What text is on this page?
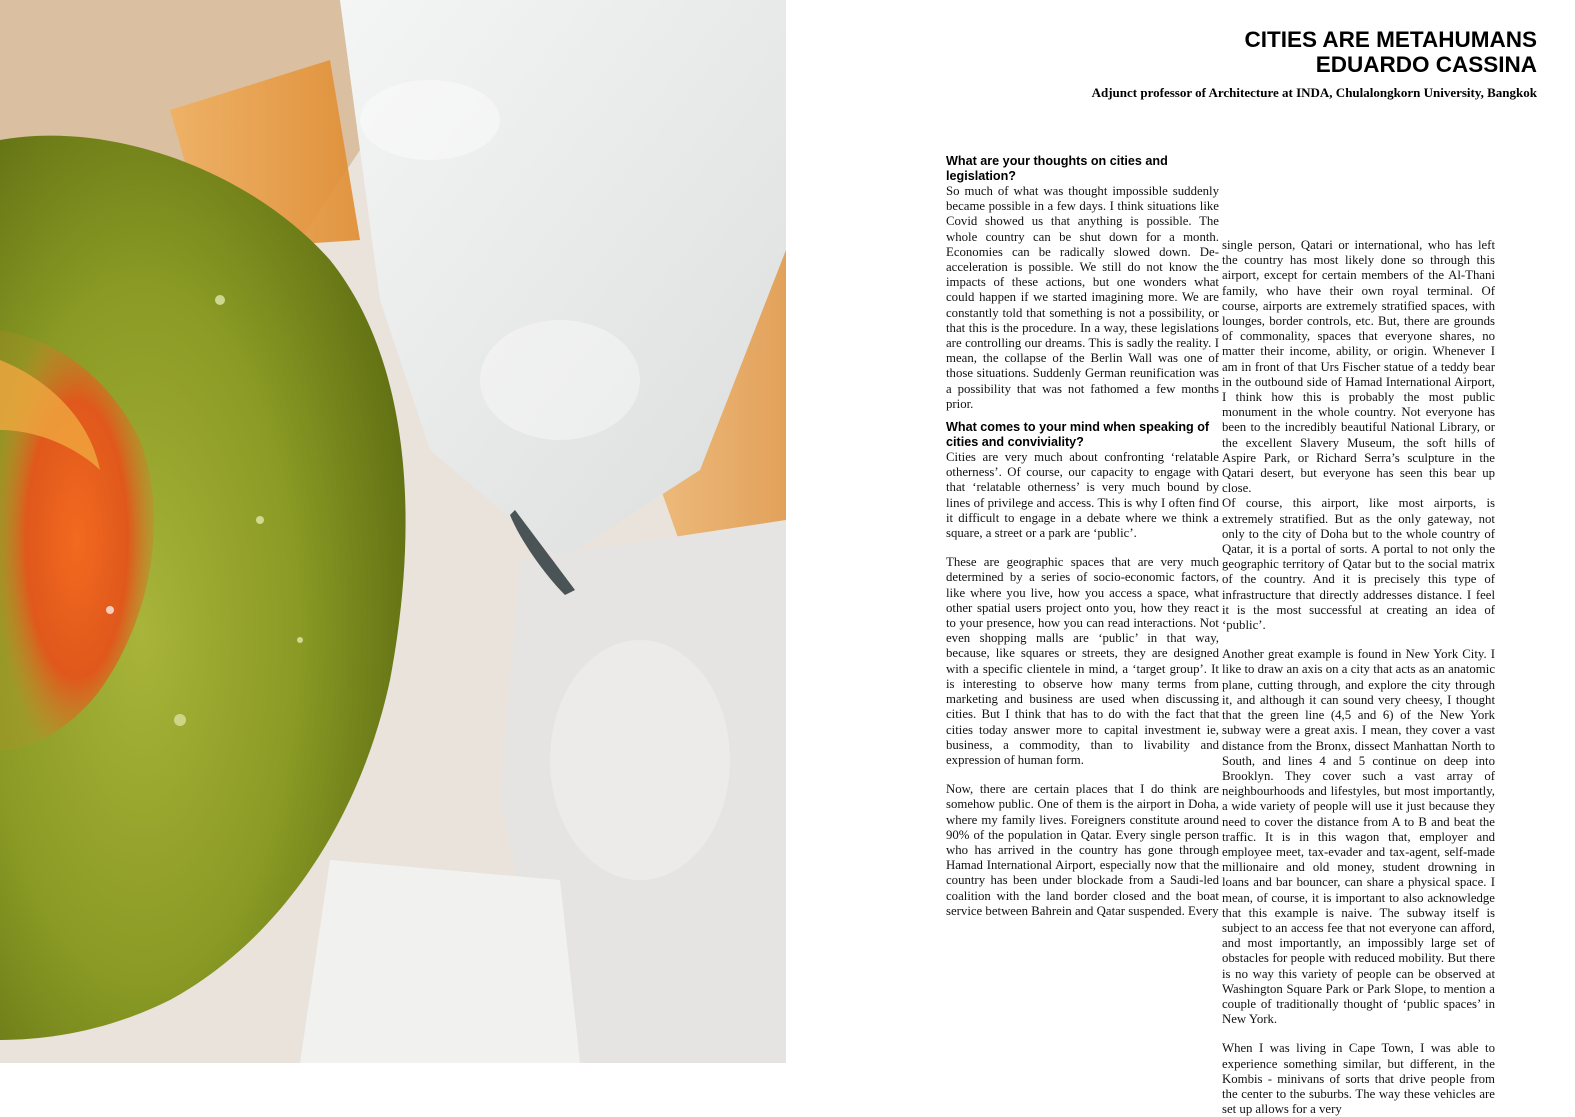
CITIES ARE METAHUMANS
EDUARDO CASSINA
Adjunct professor of Architecture at INDA, Chulalongkorn University, Bangkok
What are your thoughts on cities and legislation?

So much of what was thought impossible suddenly became possible in a few days. I think situations like Covid showed us that anything is possible. The whole country can be shut down for a month. Economies can be radically slowed down. De-acceleration is possible. We still do not know the impacts of these actions, but one wonders what could happen if we started imagining more. We are constantly told that something is not a possibility, or that this is the procedure. In a way, these legislations are controlling our dreams. This is sadly the reality. I mean, the collapse of the Berlin Wall was one of those situations. Suddenly German reunification was a possibility that was not fathomed a few months prior.

What comes to your mind when speaking of cities and conviviality?

Cities are very much about confronting ‘relatable otherness’. Of course, our capacity to engage with that ‘relatable otherness’ is very much bound by lines of privilege and access. This is why I often find it difficult to engage in a debate where we think a square, a street or a park are ‘public’.

These are geographic spaces that are very much determined by a series of socio-economic factors, like where you live, how you access a space, what other spatial users project onto you, how they react to your presence, how you can read interactions. Not even shopping malls are ‘public’ in that way, because, like squares or streets, they are designed with a specific clientele in mind, a ‘target group’. It is interesting to observe how many terms from marketing and business are used when discussing cities. But I think that has to do with the fact that cities today answer more to capital investment ie, business, a commodity, than to livability and expression of human form.

Now, there are certain places that I do think are somehow public. One of them is the airport in Doha, where my family lives. Foreigners constitute around 90% of the population in Qatar. Every single person who has arrived in the country has gone through Hamad International Airport, especially now that the country has been under blockade from a Saudi-led coalition with the land border closed and the boat service between Bahrein and Qatar suspended. Every

single person, Qatari or international, who has left the country has most likely done so through this airport, except for certain members of the Al-Thani family, who have their own royal terminal. Of course, airports are extremely stratified spaces, with lounges, border controls, etc. But, there are grounds of commonality, spaces that everyone shares, no matter their income, ability, or origin. Whenever I am in front of that Urs Fischer statue of a teddy bear in the outbound side of Hamad International Airport, I think how this is probably the most public monument in the whole country. Not everyone has been to the incredibly beautiful National Library, or the excellent Slavery Museum, the soft hills of Aspire Park, or Richard Serra’s sculpture in the Qatari desert, but everyone has seen this bear up close.

Of course, this airport, like most airports, is extremely stratified. But as the only gateway, not only to the city of Doha but to the whole country of Qatar, it is a portal of sorts. A portal to not only the geographic territory of Qatar but to the social matrix of the country. And it is precisely this type of infrastructure that directly addresses distance. I feel it is the most successful at creating an idea of ‘public’.

Another great example is found in New York City. I like to draw an axis on a city that acts as an anatomic plane, cutting through, and explore the city through it, and although it can sound very cheesy, I thought that the green line (4,5 and 6) of the New York subway were a great axis. I mean, they cover a vast distance from the Bronx, dissect Manhattan North to South, and lines 4 and 5 continue on deep into Brooklyn. They cover such a vast array of neighbourhoods and lifestyles, but most importantly, a wide variety of people will use it just because they need to cover the distance from A to B and beat the traffic. It is in this wagon that, employer and employee meet, tax-evader and tax-agent, self-made millionaire and old money, student drowning in loans and bar bouncer, can share a physical space. I mean, of course, it is important to also acknowledge that this example is naive. The subway itself is subject to an access fee that not everyone can afford, and most importantly, an impossibly large set of obstacles for people with reduced mobility. But there is no way this variety of people can be observed at Washington Square Park or Park Slope, to mention a couple of traditionally thought of ‘public spaces’ in New York.

When I was living in Cape Town, I was able to experience something similar, but different, in the Kombis - minivans of sorts that drive people from the center to the suburbs. The way these vehicles are set up allows for a very
